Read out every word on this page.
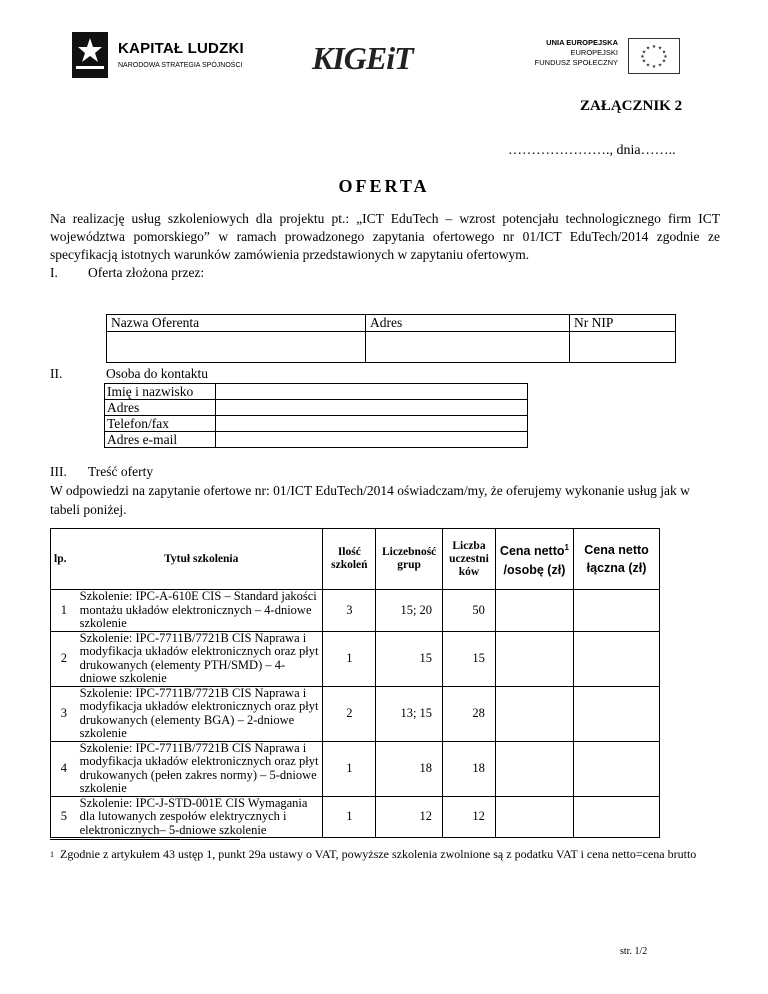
KAPITAŁ LUDZKI
NARODOWA STRATEGIA SPÓJNOŚCI KIGEiT	UNIA EUROPEJSKA
EUROPEJSKI
FUNDUSZ SPOŁECZNY
★ ★
★
★
★
★
★
★
★
★
★
★
ZAŁĄCZNIK 2
…………………., dnia……..
OFERTA
Na realizację usług szkoleniowych dla projektu pt.: „ICT EduTech – wzrost potencjału technologicznego firm ICT województwa pomorskiego” w ramach prowadzonego zapytania ofertowego nr 01/ICT EduTech/2014 zgodnie ze specyfikacją istotnych warunków zamówienia przedstawionych w zapytaniu ofertowym.
I.	Oferta złożona przez:
Nazwa Oferenta	Adres	Nr NIP

II.	Osoba do kontaktu
Imię i nazwisko	
Adres	
Telefon/fax	
Adres e-mail	
III. Treść oferty
W odpowiedzi na zapytanie ofertowe nr: 01/ICT EduTech/2014 oświadczam/my, że oferujemy wykonanie usług jak w tabeli poniżej.
lp. Tytuł szkolenia		Ilość szkoleń	Liczebność grup	Liczba uczestni ków	Cena netto$^1$
/osobę (zł)	Cena netto łączna (zł)
1	Szkolenie: IPC-A-610E CIS – Standard jakości montażu układów elektronicznych – 4-dniowe szkolenie	3	15; 20	50		
2	Szkolenie: IPC-7711B/7721B CIS Naprawa i modyfikacja układów elektronicznych oraz płyt drukowanych (elementy PTH/SMD) – 4-dniowe szkolenie	1	15	15		
3	Szkolenie: IPC-7711B/7721B CIS Naprawa i modyfikacja układów elektronicznych oraz płyt drukowanych (elementy BGA) – 2-dniowe szkolenie	2	13; 15	28		
4	Szkolenie: IPC-7711B/7721B CIS Naprawa i modyfikacja układów elektronicznych oraz płyt drukowanych (pełen zakres normy) – 5-dniowe szkolenie	1	18	18		
5	Szkolenie: IPC-J-STD-001E CIS Wymagania dla lutowanych zespołów elektrycznych i elektronicznych– 5-dniowe szkolenie	1	12	12		
$^1$ Zgodnie z artykułem 43 ustęp 1, punkt 29a ustawy o VAT, powyższe szkolenia zwolnione są z podatku VAT i cena netto=cena brutto
str. 1/2
